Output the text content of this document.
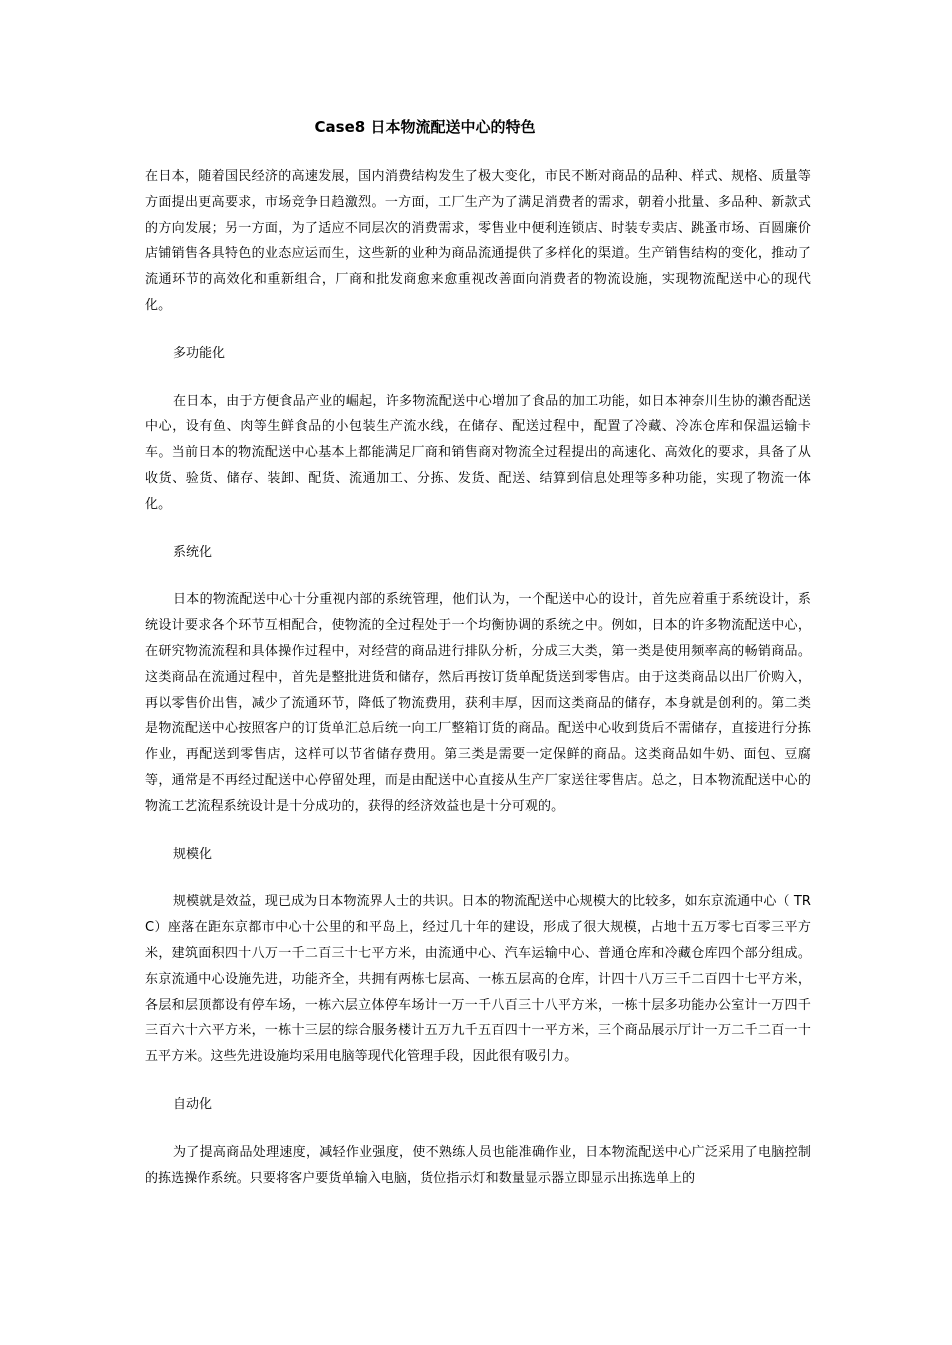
Case8 日本物流配送中心的特色

在日本，随着国民经济的高速发展，国内消费结构发生了极大变化，市民不断对商品的品种、样式、规格、质量等方面提出更高要求，市场竞争日趋激烈。一方面，工厂生产为了满足消费者的需求，朝着小批量、多品种、新款式的方向发展；另一方面，为了适应不同层次的消费需求，零售业中便利连锁店、时装专卖店、跳蚤市场、百圆廉价店铺销售各具特色的业态应运而生，这些新的业种为商品流通提供了多样化的渠道。生产销售结构的变化，推动了流通环节的高效化和重新组合，厂商和批发商愈来愈重视改善面向消费者的物流设施，实现物流配送中心的现代化。

多功能化

在日本，由于方便食品产业的崛起，许多物流配送中心增加了食品的加工功能，如日本神奈川生协的濑呇配送中心，设有鱼、肉等生鲜食品的小包装生产流水线，在储存、配送过程中，配置了冷藏、冷冻仓库和保温运输卡车。当前日本的物流配送中心基本上都能满足厂商和销售商对物流全过程提出的高速化、高效化的要求，具备了从收货、验货、储存、装卸、配货、流通加工、分拣、发货、配送、结算到信息处理等多种功能，实现了物流一体化。

系统化

日本的物流配送中心十分重视内部的系统管理，他们认为，一个配送中心的设计，首先应着重于系统设计，系统设计要求各个环节互相配合，使物流的全过程处于一个均衡协调的系统之中。例如，日本的许多物流配送中心，在研究物流流程和具体操作过程中，对经营的商品进行排队分析，分成三大类，第一类是使用频率高的畅销商品。这类商品在流通过程中，首先是整批进货和储存，然后再按订货单配货送到零售店。由于这类商品以出厂价购入，再以零售价出售，减少了流通环节，降低了物流费用，获利丰厚，因而这类商品的储存，本身就是创利的。第二类是物流配送中心按照客户的订货单汇总后统一向工厂整箱订货的商品。配送中心收到货后不需储存，直接进行分拣作业，再配送到零售店，这样可以节省储存费用。第三类是需要一定保鲜的商品。这类商品如牛奶、面包、豆腐等，通常是不再经过配送中心停留处理，而是由配送中心直接从生产厂家送往零售店。总之，日本物流配送中心的物流工艺流程系统设计是十分成功的，获得的经济效益也是十分可观的。

规模化

规模就是效益，现已成为日本物流界人士的共识。日本的物流配送中心规模大的比较多，如东京流通中心（ TRC）座落在距东京都市中心十公里的和平岛上，经过几十年的建设，形成了很大规模，占地十五万零七百零三平方米，建筑面积四十八万一千二百三十七平方米，由流通中心、汽车运输中心、普通仓库和冷藏仓库四个部分组成。东京流通中心设施先进，功能齐全，共拥有两栋七层高、一栋五层高的仓库，计四十八万三千二百四十七平方米，各层和层顶都设有停车场，一栋六层立体停车场计一万一千八百三十八平方米，一栋十层多功能办公室计一万四千三百六十六平方米，一栋十三层的综合服务楼计五万九千五百四十一平方米，三个商品展示厅计一万二千二百一十五平方米。这些先进设施均采用电脑等现代化管理手段，因此很有吸引力。

自动化

为了提高商品处理速度，减轻作业强度，使不熟练人员也能准确作业，日本物流配送中心广泛采用了电脑控制的拣选操作系统。只要将客户要货单输入电脑，货位指示灯和数量显示器立即显示出拣选单上的
